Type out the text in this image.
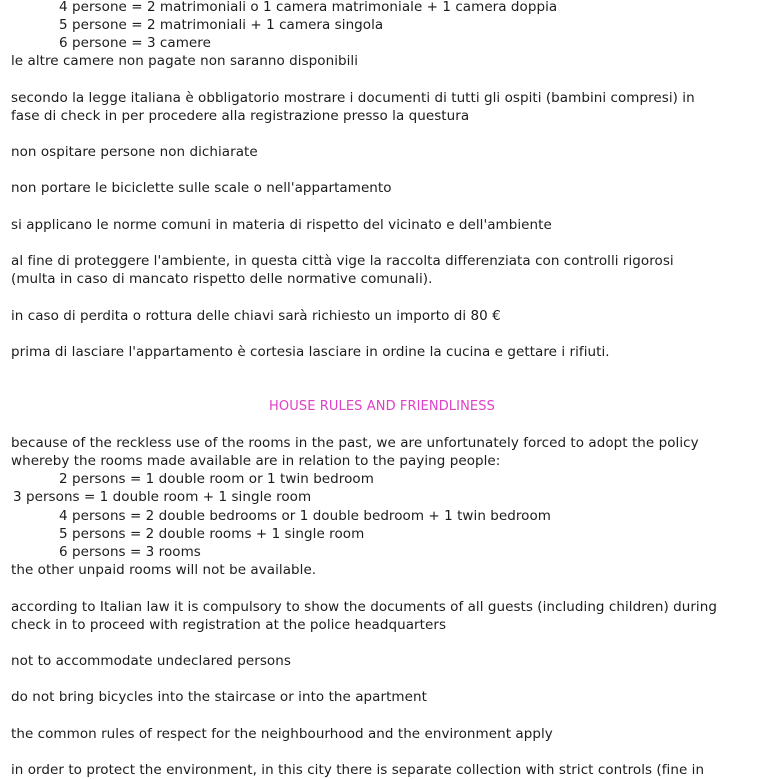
4 persone = 2 matrimoniali o 1 camera matrimoniale + 1 camera doppia
5 persone = 2 matrimoniali + 1 camera singola
6 persone = 3 camere
le altre camere non pagate non saranno disponibili
secondo la legge italiana è obbligatorio mostrare i documenti di tutti gli ospiti (bambini compresi) in
fase di check in per procedere alla registrazione presso la questura
non ospitare persone non dichiarate
non portare le biciclette sulle scale o nell'appartamento
si applicano le norme comuni in materia di rispetto del vicinato e dell'ambiente
al fine di proteggere l'ambiente, in questa città vige la raccolta differenziata con controlli rigorosi
(multa in caso di mancato rispetto delle normative comunali).
in caso di perdita o rottura delle chiavi sarà richiesto un importo di 80 €
prima di lasciare l'appartamento è cortesia lasciare in ordine la cucina e gettare i rifiuti.
HOUSE RULES AND FRIENDLINESS
because of the reckless use of the rooms in the past, we are unfortunately forced to adopt the policy
whereby the rooms made available are in relation to the paying people:
2 persons = 1 double room or 1 twin bedroom
3 persons = 1 double room + 1 single room
4 persons = 2 double bedrooms or 1 double bedroom + 1 twin bedroom
5 persons = 2 double rooms + 1 single room
6 persons = 3 rooms
the other unpaid rooms will not be available.
according to Italian law it is compulsory to show the documents of all guests (including children) during
check in to proceed with registration at the police headquarters
not to accommodate undeclared persons
do not bring bicycles into the staircase or into the apartment
the common rules of respect for the neighbourhood and the environment apply
in order to protect the environment, in this city there is separate collection with strict controls (fine in
